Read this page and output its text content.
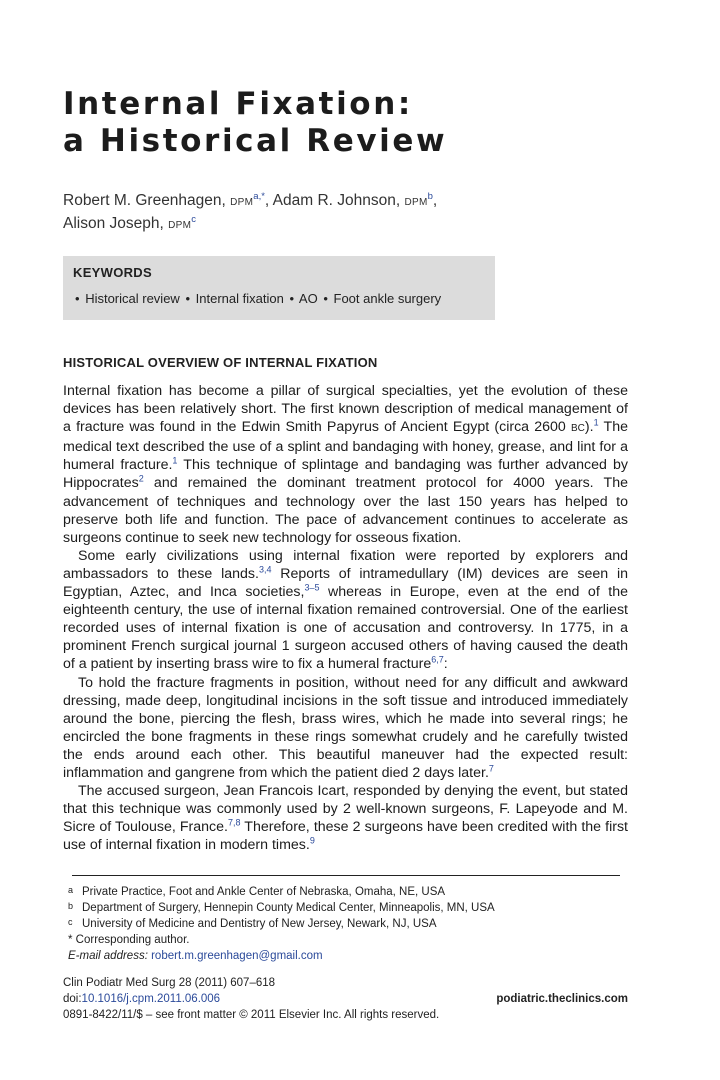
Internal Fixation:
a Historical Review
Robert M. Greenhagen, $DPM^{a,*}$, Adam R. Johnson, DPM$^b$,
Alison Joseph, DPM$^c$
KEYWORDS
• Historical review • Internal fixation • AO • Foot ankle surgery
HISTORICAL OVERVIEW OF INTERNAL FIXATION

Internal fixation has become a pillar of surgical specialties, yet the evolution of these devices has been relatively short. The first known description of medical management of a fracture was found in the Edwin Smith Papyrus of Ancient Egypt (circa 2600 BC).$^1$ The medical text described the use of a splint and bandaging with honey, grease, and lint for a humeral fracture.$^1$ This technique of splintage and bandaging was further advanced by Hippocrates$^2$ and remained the dominant treatment protocol for 4000 years. The advancement of techniques and technology over the last 150 years has helped to preserve both life and function. The pace of advancement continues to accelerate as surgeons continue to seek new technology for osseous fixation.

Some early civilizations using internal fixation were reported by explorers and ambassadors to these lands.$^{3,4}$ Reports of intramedullary (IM) devices are seen in Egyptian, Aztec, and Inca societies,$^{3-5}$ whereas in Europe, even at the end of the eighteenth century, the use of internal fixation remained controversial. One of the earliest recorded uses of internal fixation is one of accusation and controversy. In 1775, in a prominent French surgical journal 1 surgeon accused others of having caused the death of a patient by inserting brass wire to fix a humeral fracture$^{6,7}$:

To hold the fracture fragments in position, without need for any difficult and awkward dressing, made deep, longitudinal incisions in the soft tissue and introduced immediately around the bone, piercing the flesh, brass wires, which he made into several rings; he encircled the bone fragments in these rings somewhat crudely and he carefully twisted the ends around each other. This beautiful maneuver had the expected result: inflammation and gangrene from which the patient died 2 days later.$^7$

The accused surgeon, Jean Francois Icart, responded by denying the event, but stated that this technique was commonly used by 2 well-known surgeons, F. Lapeyode and M. Sicre of Toulouse, France.$^{7,8}$ Therefore, these 2 surgeons have been credited with the first use of internal fixation in modern times.$^9$

a Private Practice, Foot and Ankle Center of Nebraska, Omaha, NE, USA
b Department of Surgery, Hennepin County Medical Center, Minneapolis, MN, USA
c University of Medicine and Dentistry of New Jersey, Newark, NJ, USA
* Corresponding author.
E-mail address: robert.m.greenhagen@gmail.com
Clin Podiatr Med Surg 28 (2011) 607–618
doi:10.1016/j.cpm.2011.06.006	podiatric.theclinics.com
0891-8422/11/$ – see front matter © 2011 Elsevier Inc. All rights reserved.
